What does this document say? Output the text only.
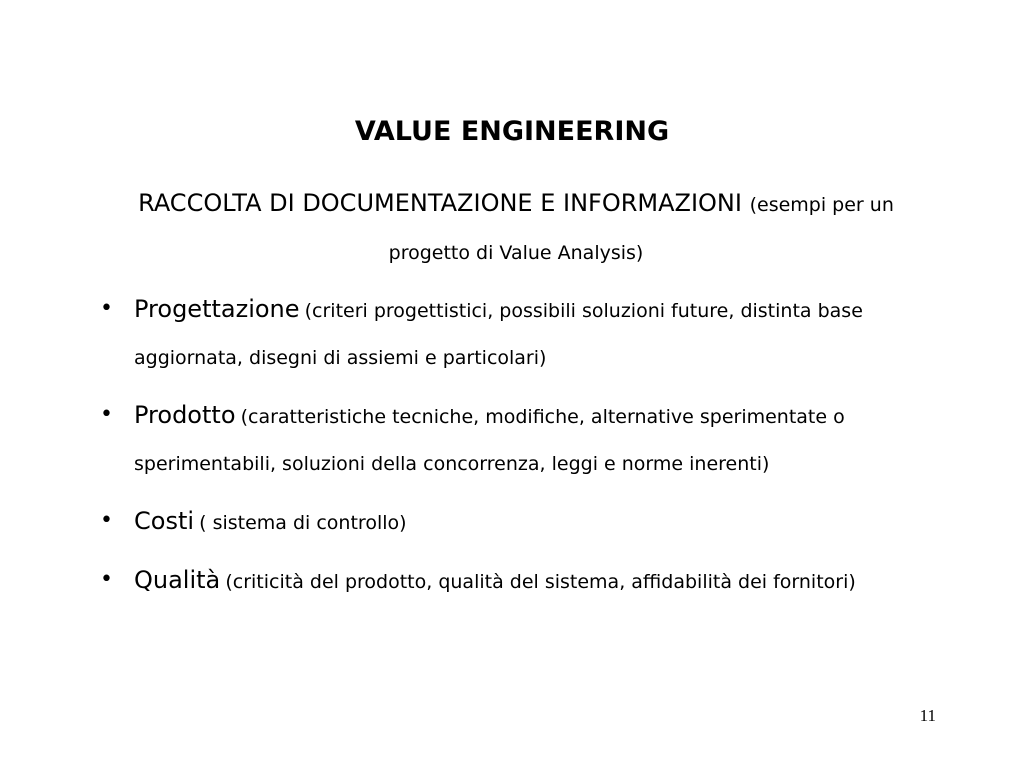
VALUE ENGINEERING
RACCOLTA DI DOCUMENTAZIONE E INFORMAZIONI (esempi per un progetto di Value Analysis)
• Progettazione (criteri progettistici, possibili soluzioni future, distinta base aggiornata, disegni di assiemi e particolari)
• Prodotto (caratteristiche tecniche, modifiche, alternative sperimentate o sperimentabili, soluzioni della concorrenza, leggi e norme inerenti)
• Costi ( sistema di controllo)
• Qualità (criticità del prodotto, qualità del sistema, affidabilità dei fornitori)
11
